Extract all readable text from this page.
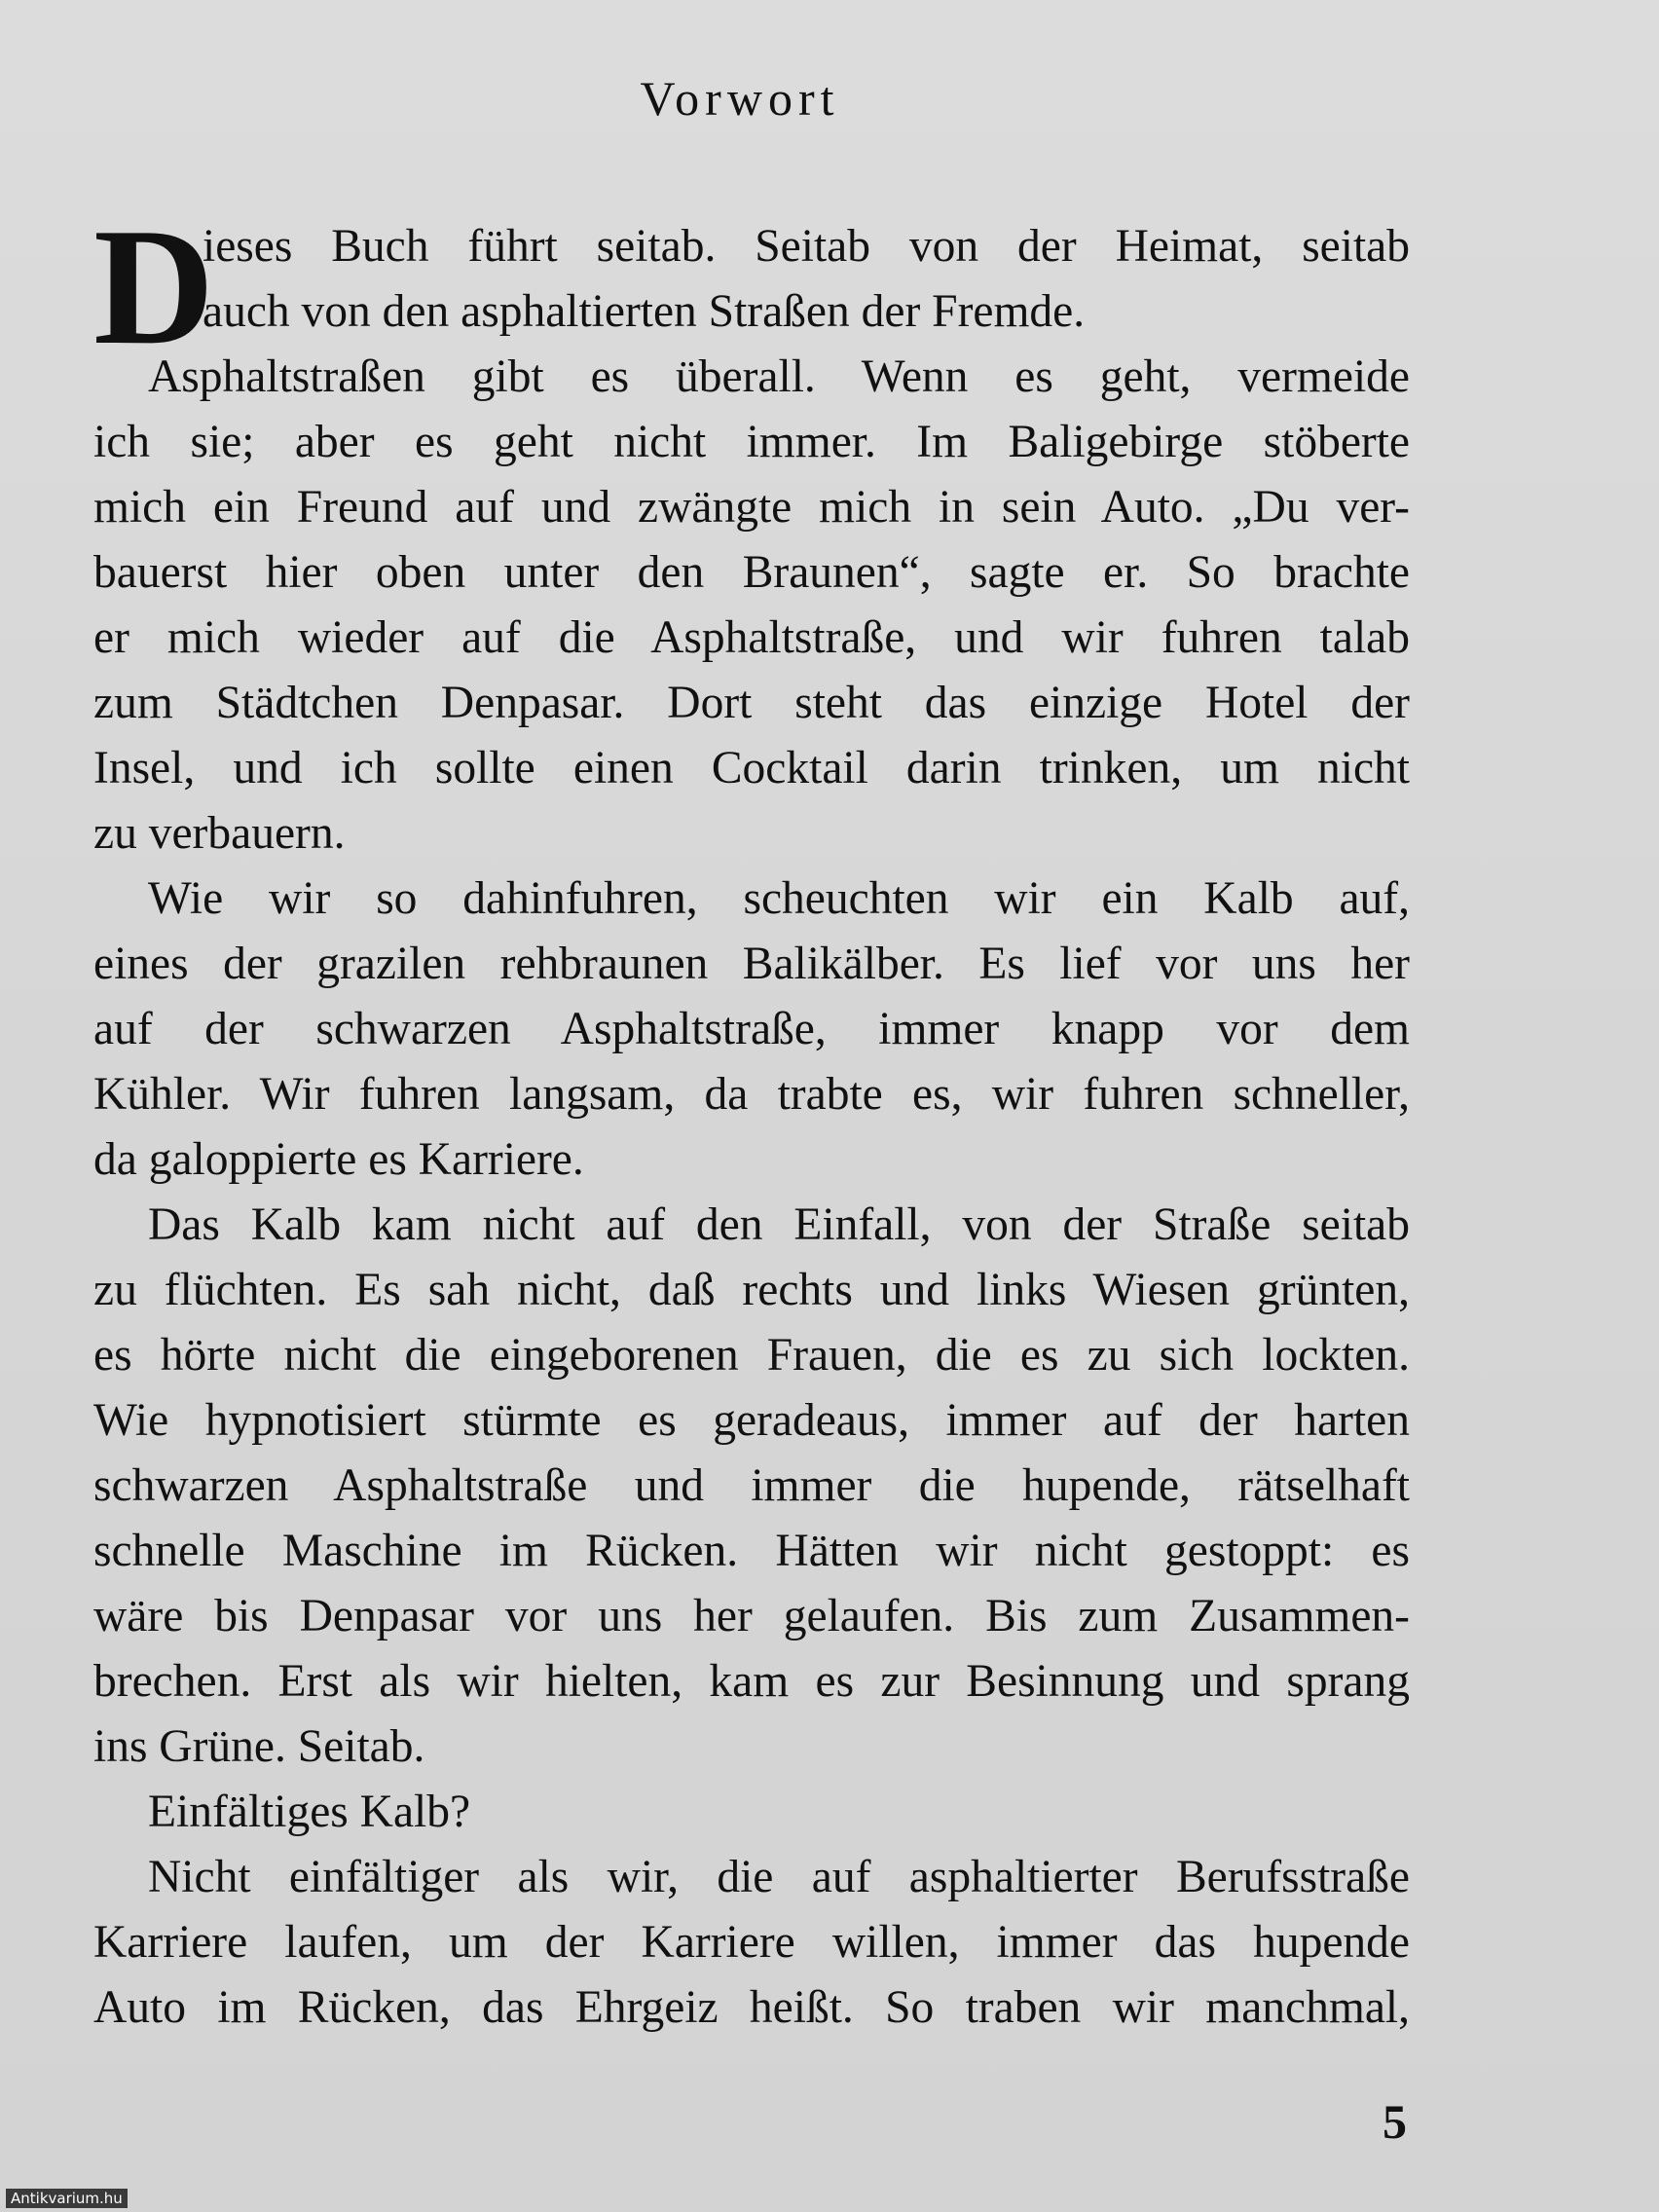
Vorwort
D
ieses Buch führt seitab. Seitab von der Heimat, seitab
auch von den asphaltierten Straßen der Fremde.
Asphaltstraßen gibt es überall. Wenn es geht, vermeide
ich sie; aber es geht nicht immer. Im Baligebirge stöberte
mich ein Freund auf und zwängte mich in sein Auto. „Du ver-
bauerst hier oben unter den Braunen“, sagte er. So brachte
er mich wieder auf die Asphaltstraße, und wir fuhren talab
zum Städtchen Denpasar. Dort steht das einzige Hotel der
Insel, und ich sollte einen Cocktail darin trinken, um nicht
zu verbauern.
Wie wir so dahinfuhren, scheuchten wir ein Kalb auf,
eines der grazilen rehbraunen Balikälber. Es lief vor uns her
auf der schwarzen Asphaltstraße, immer knapp vor dem
Kühler. Wir fuhren langsam, da trabte es, wir fuhren schneller,
da galoppierte es Karriere.
Das Kalb kam nicht auf den Einfall, von der Straße seitab
zu flüchten. Es sah nicht, daß rechts und links Wiesen grünten,
es hörte nicht die eingeborenen Frauen, die es zu sich lockten.
Wie hypnotisiert stürmte es geradeaus, immer auf der harten
schwarzen Asphaltstraße und immer die hupende, rätselhaft
schnelle Maschine im Rücken. Hätten wir nicht gestoppt: es
wäre bis Denpasar vor uns her gelaufen. Bis zum Zusammen-
brechen. Erst als wir hielten, kam es zur Besinnung und sprang
ins Grüne. Seitab.
Einfältiges Kalb?
Nicht einfältiger als wir, die auf asphaltierter Berufsstraße
Karriere laufen, um der Karriere willen, immer das hupende
Auto im Rücken, das Ehrgeiz heißt. So traben wir manchmal,
5
Antikvarium.hu
